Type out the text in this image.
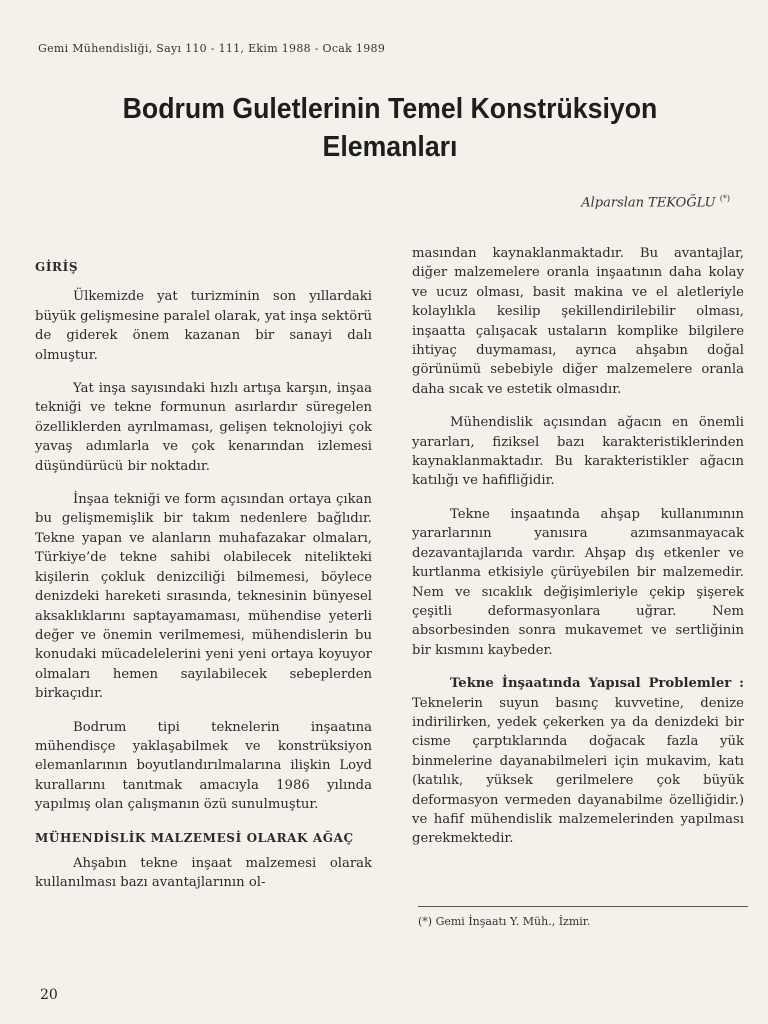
Gemi Mühendisliği, Sayı 110 - 111, Ekim 1988 - Ocak 1989
Bodrum Guletlerinin Temel Konstrüksiyon
Elemanları
Alparslan TEKOĞLU (*)
GİRİŞ

Ülkemizde yat turizminin son yıllardaki büyük gelişmesine paralel olarak, yat inşa sektörü de giderek önem kazanan bir sanayi dalı olmuştur.

Yat inşa sayısındaki hızlı artışa karşın, inşaa tekniği ve tekne formunun asırlardır süregelen özelliklerden ayrılmaması, gelişen teknolojiyi çok yavaş adımlarla ve çok kenarından izlemesi düşündürücü bir noktadır.

İnşaa tekniği ve form açısından ortaya çıkan bu gelişmemişlik bir takım nedenlere bağlıdır. Tekne yapan ve alanların muhafazakar olmaları, Türkiye’de tekne sahibi olabilecek nitelikteki kişilerin çokluk denizciliği bilmemesi, böylece denizdeki hareketi sırasında, teknesinin bünyesel aksaklıklarını saptayamaması, mühendise yeterli değer ve önemin verilmemesi, mühendislerin bu konudaki mücadelelerini yeni yeni ortaya koyuyor olmaları hemen sayılabilecek sebeplerden birkaçıdır.

Bodrum tipi teknelerin inşaatına mühendisçe yaklaşabilmek ve konstrüksiyon elemanlarının boyutlandırılmalarına ilişkin Loyd kurallarını tanıtmak amacıyla 1986 yılında yapılmış olan çalışmanın özü sunulmuştur.

MÜHENDİSLİK MALZEMESİ OLARAK AĞAÇ

Ahşabın tekne inşaat malzemesi olarak kullanılması bazı avantajlarının ol-

masından kaynaklanmaktadır. Bu avantajlar, diğer malzemelere oranla inşaatının daha kolay ve ucuz olması, basit makina ve el aletleriyle kolaylıkla kesilip şekillendirilebilir olması, inşaatta çalışacak ustaların komplike bilgilere ihtiyaç duymaması, ayrıca ahşabın doğal görünümü sebebiyle diğer malzemelere oranla daha sıcak ve estetik olmasıdır.

Mühendislik açısından ağacın en önemli yararları, fiziksel bazı karakteristiklerinden kaynaklanmaktadır. Bu karakteristikler ağacın katılığı ve hafifliğidir.

Tekne inşaatında ahşap kullanımının yararlarının yanısıra azımsanmayacak dezavantajlarıda vardır. Ahşap dış etkenler ve kurtlanma etkisiyle çürüyebilen bir malzemedir. Nem ve sıcaklık değişimleriyle çekip şişerek çeşitli deformasyonlara uğrar. Nem absorbesinden sonra mukavemet ve sertliğinin bir kısmını kaybeder.

Tekne İnşaatında Yapısal Problemler : Teknelerin suyun basınç kuvvetine, denize indirilirken, yedek çekerken ya da denizdeki bir cisme çarptıklarında doğacak fazla yük binmelerine dayanabilmeleri için mukavim, katı (katılık, yüksek gerilmelere çok büyük deformasyon vermeden dayanabilme özelliğidir.) ve hafif mühendislik malzemelerinden yapılması gerekmektedir.

(*) Gemi İnşaatı Y. Müh., İzmir.
20
